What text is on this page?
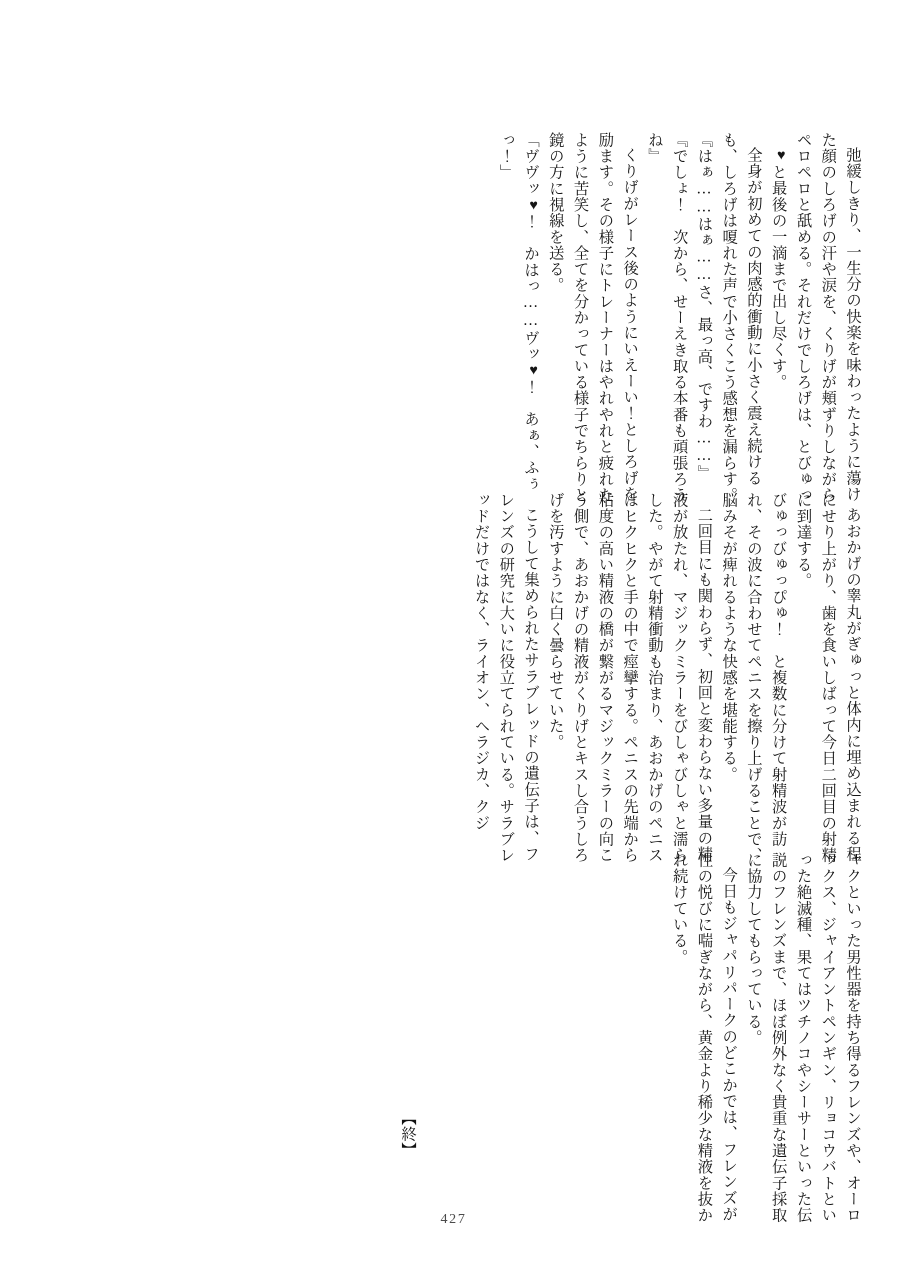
弛緩しきり、一生分の快楽を味わったように蕩けた顔のしろげの汗や涙を、くりげが頬ずりしながらペロペロと舐める。それだけでしろげは、とびゅっ♥と最後の一滴まで出し尽くす。

全身が初めての肉感的衝動に小さく震え続けるも、しろげは嗄れた声で小さくこう感想を漏らす。

『はぁ……はぁ……さ、最っ高、ですわ……』

『でしょ！　次から、せーえき取る本番も頑張ろうね』

くりげがレース後のようにいえーい！としろげを励ます。その様子にトレーナーはやれやれと疲れたように苦笑し、全てを分かっている様子でちらりと鏡の方に視線を送る。

「ヴヴッ♥！　かはっ……ヴッ♥！　あぁ、ふぅっ！」

あおかげの睾丸がぎゅっと体内に埋め込まれる程にせり上がり、歯を食いしばって今日二回目の射精に到達する。

びゅっびゅっぴゅ！　と複数に分けて射精波が訪れ、その波に合わせてペニスを擦り上げることで、脳みそが痺れるような快感を堪能する。

二回目にも関わらず、初回と変わらない多量の精液が放たれ、マジックミラーをびしゃびしゃと濡らした。やがて射精衝動も治まり、あおかげのペニスはヒクヒクと手の中で痙攣する。ペニスの先端から粘度の高い精液の橋が繋がるマジックミラーの向こう側で、あおかげの精液がくりげとキスし合うしろげを汚すように白く曇らせていた。

こうして集められたサラブレッドの遺伝子は、フレンズの研究に大いに役立てられている。サラブレッドだけではなく、ライオン、ヘラジカ、クジ

ャクといった男性器を持ち得るフレンズや、オーロックス、ジャイアントペンギン、リョコウバトといった絶滅種、果てはツチノコやシーサーといった伝説のフレンズまで、ほぼ例外なく貴重な遺伝子採取に協力してもらっている。

今日もジャパリパークのどこかでは、フレンズが性の悦びに喘ぎながら、黄金より稀少な精液を抜かれ続けている。

【終】
427
